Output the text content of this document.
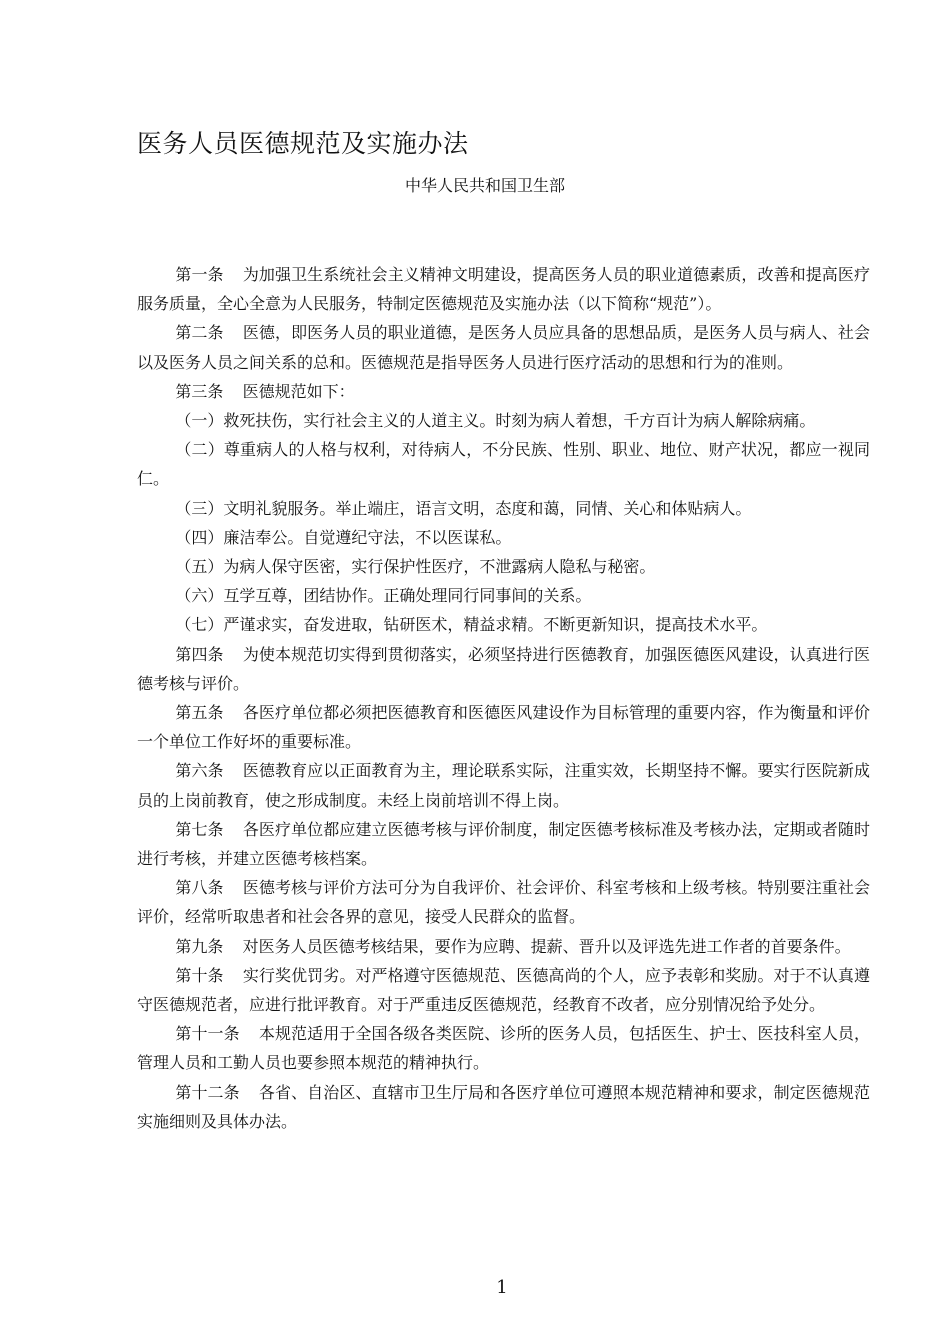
医务人员医德规范及实施办法
中华人民共和国卫生部

第一条 为加强卫生系统社会主义精神文明建设，提高医务人员的职业道德素质，改善和提高医疗服务质量，全心全意为人民服务，特制定医德规范及实施办法（以下简称“规范”）。

第二条 医德，即医务人员的职业道德，是医务人员应具备的思想品质，是医务人员与病人、社会以及医务人员之间关系的总和。医德规范是指导医务人员进行医疗活动的思想和行为的准则。

第三条 医德规范如下：

（一）救死扶伤，实行社会主义的人道主义。时刻为病人着想，千方百计为病人解除病痛。

（二）尊重病人的人格与权利，对待病人，不分民族、性别、职业、地位、财产状况，都应一视同仁。

（三）文明礼貌服务。举止端庄，语言文明，态度和蔼，同情、关心和体贴病人。

（四）廉洁奉公。自觉遵纪守法，不以医谋私。

（五）为病人保守医密，实行保护性医疗，不泄露病人隐私与秘密。

（六）互学互尊，团结协作。正确处理同行同事间的关系。

（七）严谨求实，奋发进取，钻研医术，精益求精。不断更新知识，提高技术水平。

第四条 为使本规范切实得到贯彻落实，必须坚持进行医德教育，加强医德医风建设，认真进行医德考核与评价。

第五条 各医疗单位都必须把医德教育和医德医风建设作为目标管理的重要内容，作为衡量和评价一个单位工作好坏的重要标准。

第六条 医德教育应以正面教育为主，理论联系实际，注重实效，长期坚持不懈。要实行医院新成员的上岗前教育，使之形成制度。未经上岗前培训不得上岗。

第七条 各医疗单位都应建立医德考核与评价制度，制定医德考核标准及考核办法，定期或者随时进行考核，并建立医德考核档案。

第八条 医德考核与评价方法可分为自我评价、社会评价、科室考核和上级考核。特别要注重社会评价，经常听取患者和社会各界的意见，接受人民群众的监督。

第九条 对医务人员医德考核结果，要作为应聘、提薪、晋升以及评选先进工作者的首要条件。

第十条 实行奖优罚劣。对严格遵守医德规范、医德高尚的个人，应予表彰和奖励。对于不认真遵守医德规范者，应进行批评教育。对于严重违反医德规范，经教育不改者，应分别情况给予处分。

第十一条 本规范适用于全国各级各类医院、诊所的医务人员，包括医生、护士、医技科室人员，管理人员和工勤人员也要参照本规范的精神执行。

第十二条 各省、自治区、直辖市卫生厅局和各医疗单位可遵照本规范精神和要求，制定医德规范实施细则及具体办法。

1
